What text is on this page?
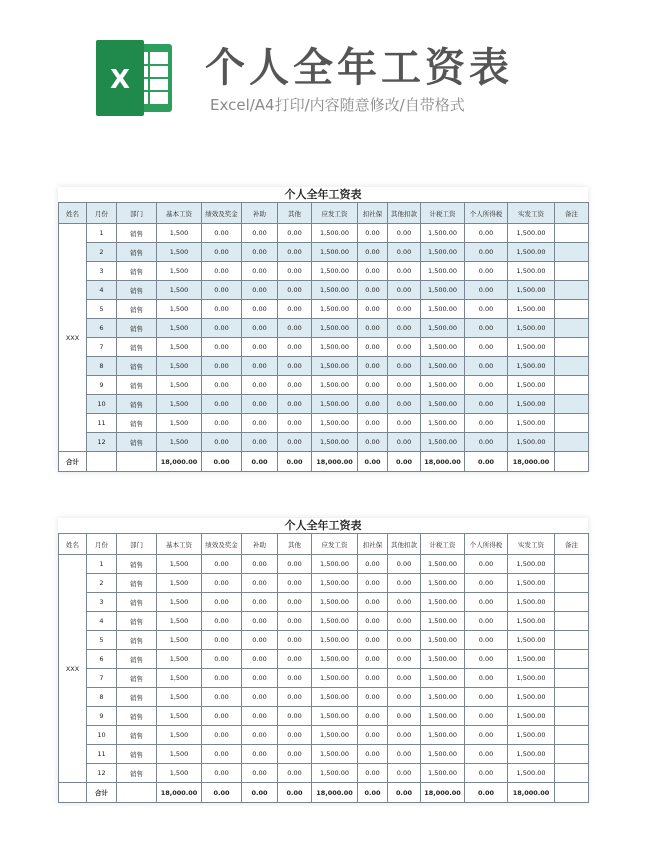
X 个人全年工资表
Excel/A4打印/内容随意修改/自带格式
个人全年工资表
姓名	月份	部门	基本工资	绩效及奖金	补助	其他	应发工资	扣社保	其他扣款	计税工资	个人所得税	实发工资	备注
XXX	1	销售	1,500	0.00	0.00	0.00	1,500.00	0.00	0.00	1,500.00	0.00	1,500.00	
	2	销售	1,500	0.00	0.00	0.00	1,500.00	0.00	0.00	1,500.00	0.00	1,500.00	
	3	销售	1,500	0.00	0.00	0.00	1,500.00	0.00	0.00	1,500.00	0.00	1,500.00	
	4	销售	1,500	0.00	0.00	0.00	1,500.00	0.00	0.00	1,500.00	0.00	1,500.00	
	5	销售	1,500	0.00	0.00	0.00	1,500.00	0.00	0.00	1,500.00	0.00	1,500.00	
	6	销售	1,500	0.00	0.00	0.00	1,500.00	0.00	0.00	1,500.00	0.00	1,500.00	
	7	销售	1,500	0.00	0.00	0.00	1,500.00	0.00	0.00	1,500.00	0.00	1,500.00	
	8	销售	1,500	0.00	0.00	0.00	1,500.00	0.00	0.00	1,500.00	0.00	1,500.00	
	9	销售	1,500	0.00	0.00	0.00	1,500.00	0.00	0.00	1,500.00	0.00	1,500.00	
	10	销售	1,500	0.00	0.00	0.00	1,500.00	0.00	0.00	1,500.00	0.00	1,500.00	
	11	销售	1,500	0.00	0.00	0.00	1,500.00	0.00	0.00	1,500.00	0.00	1,500.00	
	12	销售	1,500	0.00	0.00	0.00	1,500.00	0.00	0.00	1,500.00	0.00	1,500.00	
合计			18,000.00	0.00	0.00	0.00	18,000.00	0.00	0.00	18,000.00	0.00	18,000.00	
个人全年工资表
姓名	月份	部门	基本工资	绩效及奖金	补助	其他	应发工资	扣社保	其他扣款	计税工资	个人所得税	实发工资	备注
XXX	1	销售	1,500	0.00	0.00	0.00	1,500.00	0.00	0.00	1,500.00	0.00	1,500.00	
	2	销售	1,500	0.00	0.00	0.00	1,500.00	0.00	0.00	1,500.00	0.00	1,500.00	
	3	销售	1,500	0.00	0.00	0.00	1,500.00	0.00	0.00	1,500.00	0.00	1,500.00	
	4	销售	1,500	0.00	0.00	0.00	1,500.00	0.00	0.00	1,500.00	0.00	1,500.00	
	5	销售	1,500	0.00	0.00	0.00	1,500.00	0.00	0.00	1,500.00	0.00	1,500.00	
	6	销售	1,500	0.00	0.00	0.00	1,500.00	0.00	0.00	1,500.00	0.00	1,500.00	
	7	销售	1,500	0.00	0.00	0.00	1,500.00	0.00	0.00	1,500.00	0.00	1,500.00	
	8	销售	1,500	0.00	0.00	0.00	1,500.00	0.00	0.00	1,500.00	0.00	1,500.00	
	9	销售	1,500	0.00	0.00	0.00	1,500.00	0.00	0.00	1,500.00	0.00	1,500.00	
	10	销售	1,500	0.00	0.00	0.00	1,500.00	0.00	0.00	1,500.00	0.00	1,500.00	
	11	销售	1,500	0.00	0.00	0.00	1,500.00	0.00	0.00	1,500.00	0.00	1,500.00	
	12	销售	1,500	0.00	0.00	0.00	1,500.00	0.00	0.00	1,500.00	0.00	1,500.00	
	合计		18,000.00	0.00	0.00	0.00	18,000.00	0.00	0.00	18,000.00	0.00	18,000.00	
